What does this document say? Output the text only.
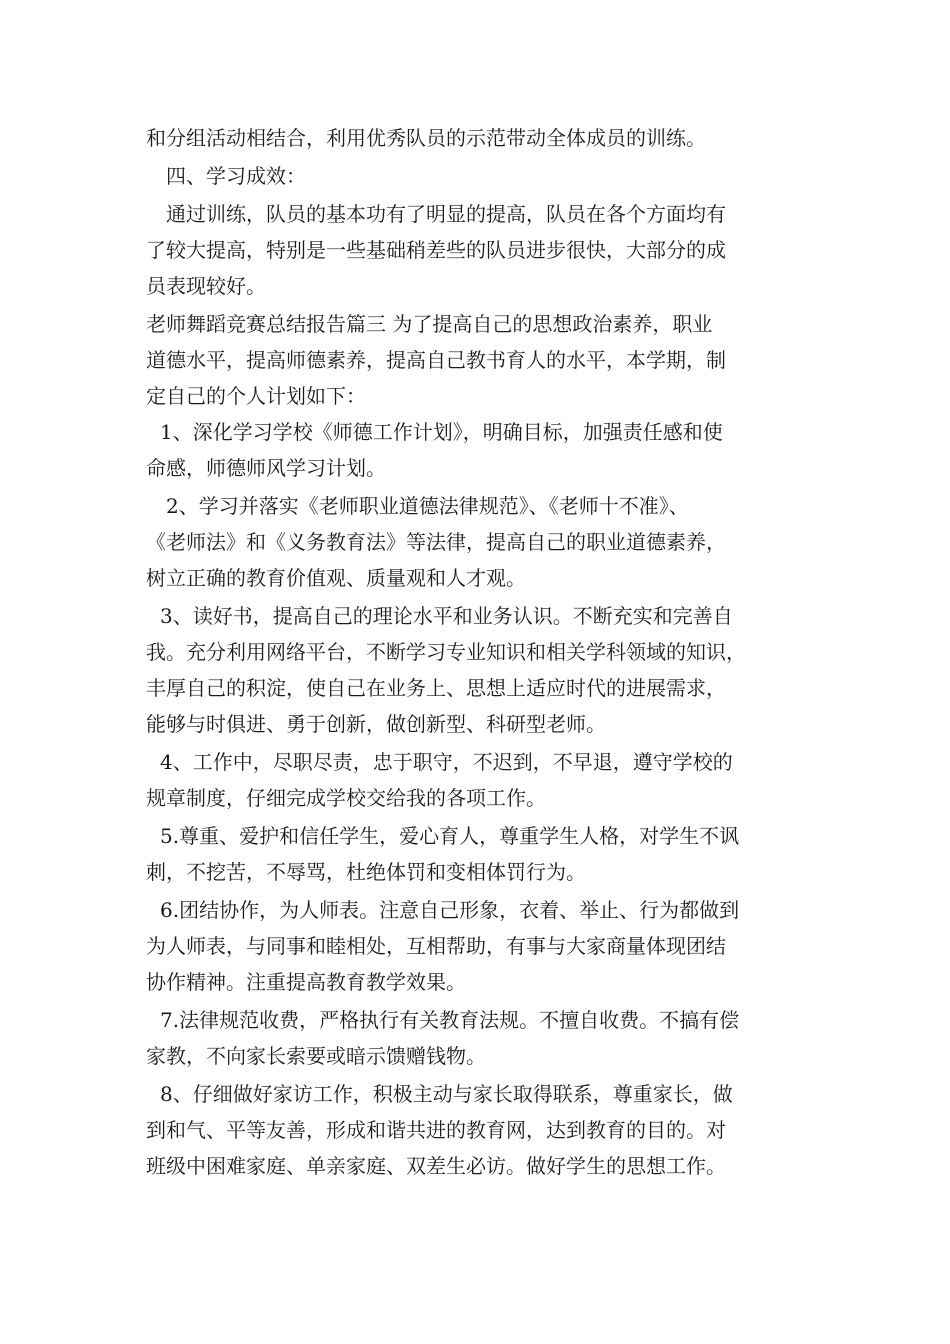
和分组活动相结合，利用优秀队员的示范带动全体成员的训练。
四、学习成效：
通过训练，队员的基本功有了明显的提高，队员在各个方面均有
了较大提高，特别是一些基础稍差些的队员进步很快，大部分的成
员表现较好。
老师舞蹈竞赛总结报告篇三 为了提高自己的思想政治素养，职业
道德水平，提高师德素养，提高自己教书育人的水平，本学期，制
定自己的个人计划如下：
1、深化学习学校《师德工作计划》，明确目标，加强责任感和使
命感，师德师风学习计划。
2、学习并落实《老师职业道德法律规范》、《老师十不准》、
《老师法》和《义务教育法》等法律，提高自己的职业道德素养，
树立正确的教育价值观、质量观和人才观。
3、读好书，提高自己的理论水平和业务认识。不断充实和完善自
我。充分利用网络平台，不断学习专业知识和相关学科领域的知识，
丰厚自己的积淀，使自己在业务上、思想上适应时代的进展需求，
能够与时俱进、勇于创新，做创新型、科研型老师。
4、工作中，尽职尽责，忠于职守，不迟到，不早退，遵守学校的
规章制度，仔细完成学校交给我的各项工作。
5.尊重、爱护和信任学生，爱心育人，尊重学生人格，对学生不讽
刺，不挖苦，不辱骂，杜绝体罚和变相体罚行为。
6.团结协作，为人师表。注意自己形象，衣着、举止、行为都做到
为人师表，与同事和睦相处，互相帮助，有事与大家商量体现团结
协作精神。注重提高教育教学效果。
7.法律规范收费，严格执行有关教育法规。不擅自收费。不搞有偿
家教，不向家长索要或暗示馈赠钱物。
8、仔细做好家访工作，积极主动与家长取得联系，尊重家长，做
到和气、平等友善，形成和谐共进的教育网，达到教育的目的。对
班级中困难家庭、单亲家庭、双差生必访。做好学生的思想工作。
